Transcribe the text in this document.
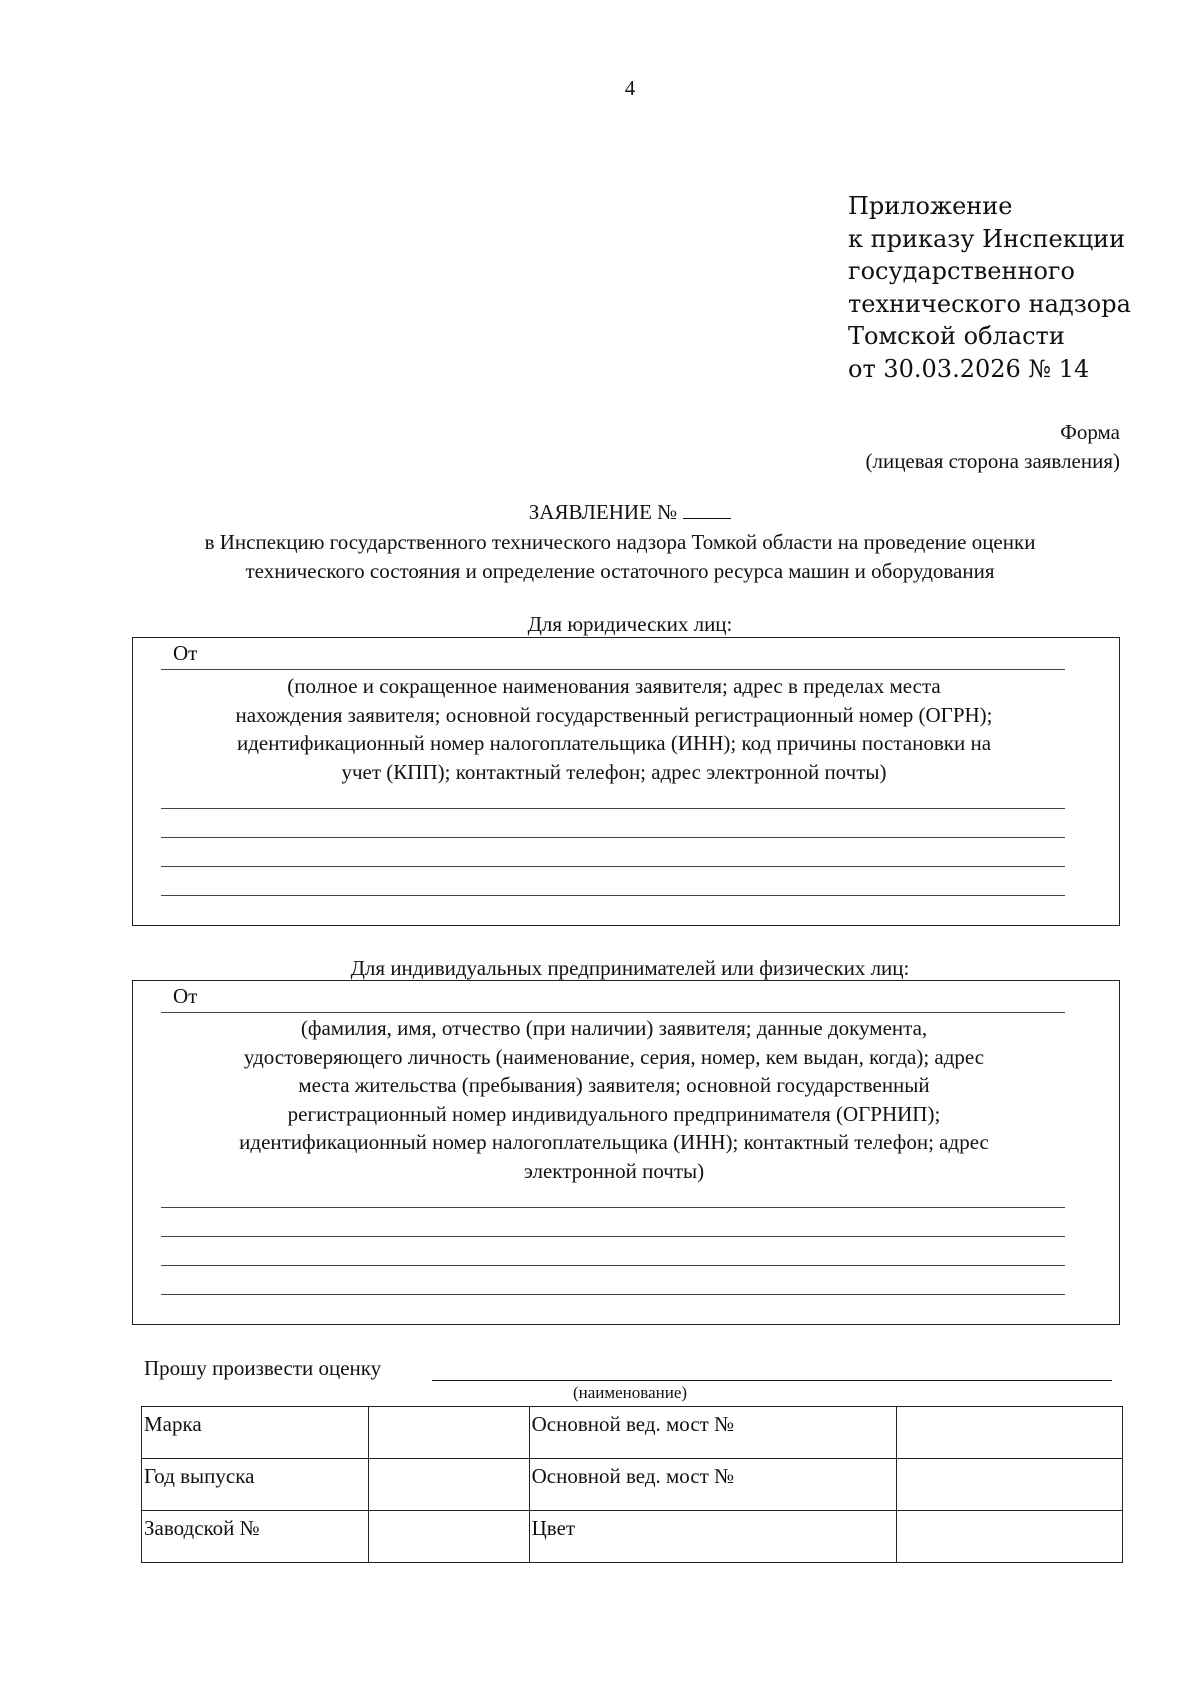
4
Приложение
к приказу Инспекции
государственного
технического надзора
Томской области
от 30.03.2026 № 14
Форма
(лицевая сторона заявления)
ЗАЯВЛЕНИЕ №
в Инспекцию государственного технического надзора Томкой области на проведение оценки
технического состояния и определение остаточного ресурса машин и оборудования
Для юридических лиц:
От
(полное и сокращенное наименования заявителя; адрес в пределах места
нахождения заявителя; основной государственный регистрационный номер (ОГРН);
идентификационный номер налогоплательщика (ИНН); код причины постановки на
учет (КПП); контактный телефон; адрес электронной почты)
Для индивидуальных предпринимателей или физических лиц:
От
(фамилия, имя, отчество (при наличии) заявителя; данные документа,
удостоверяющего личность (наименование, серия, номер, кем выдан, когда); адрес
места жительства (пребывания) заявителя; основной государственный
регистрационный номер индивидуального предпринимателя (ОГРНИП);
идентификационный номер налогоплательщика (ИНН); контактный телефон; адрес
электронной почты)
Прошу произвести оценку
(наименование)
Марка		Основной вед. мост №	
Год выпуска		Основной вед. мост №	
Заводской №		Цвет	
